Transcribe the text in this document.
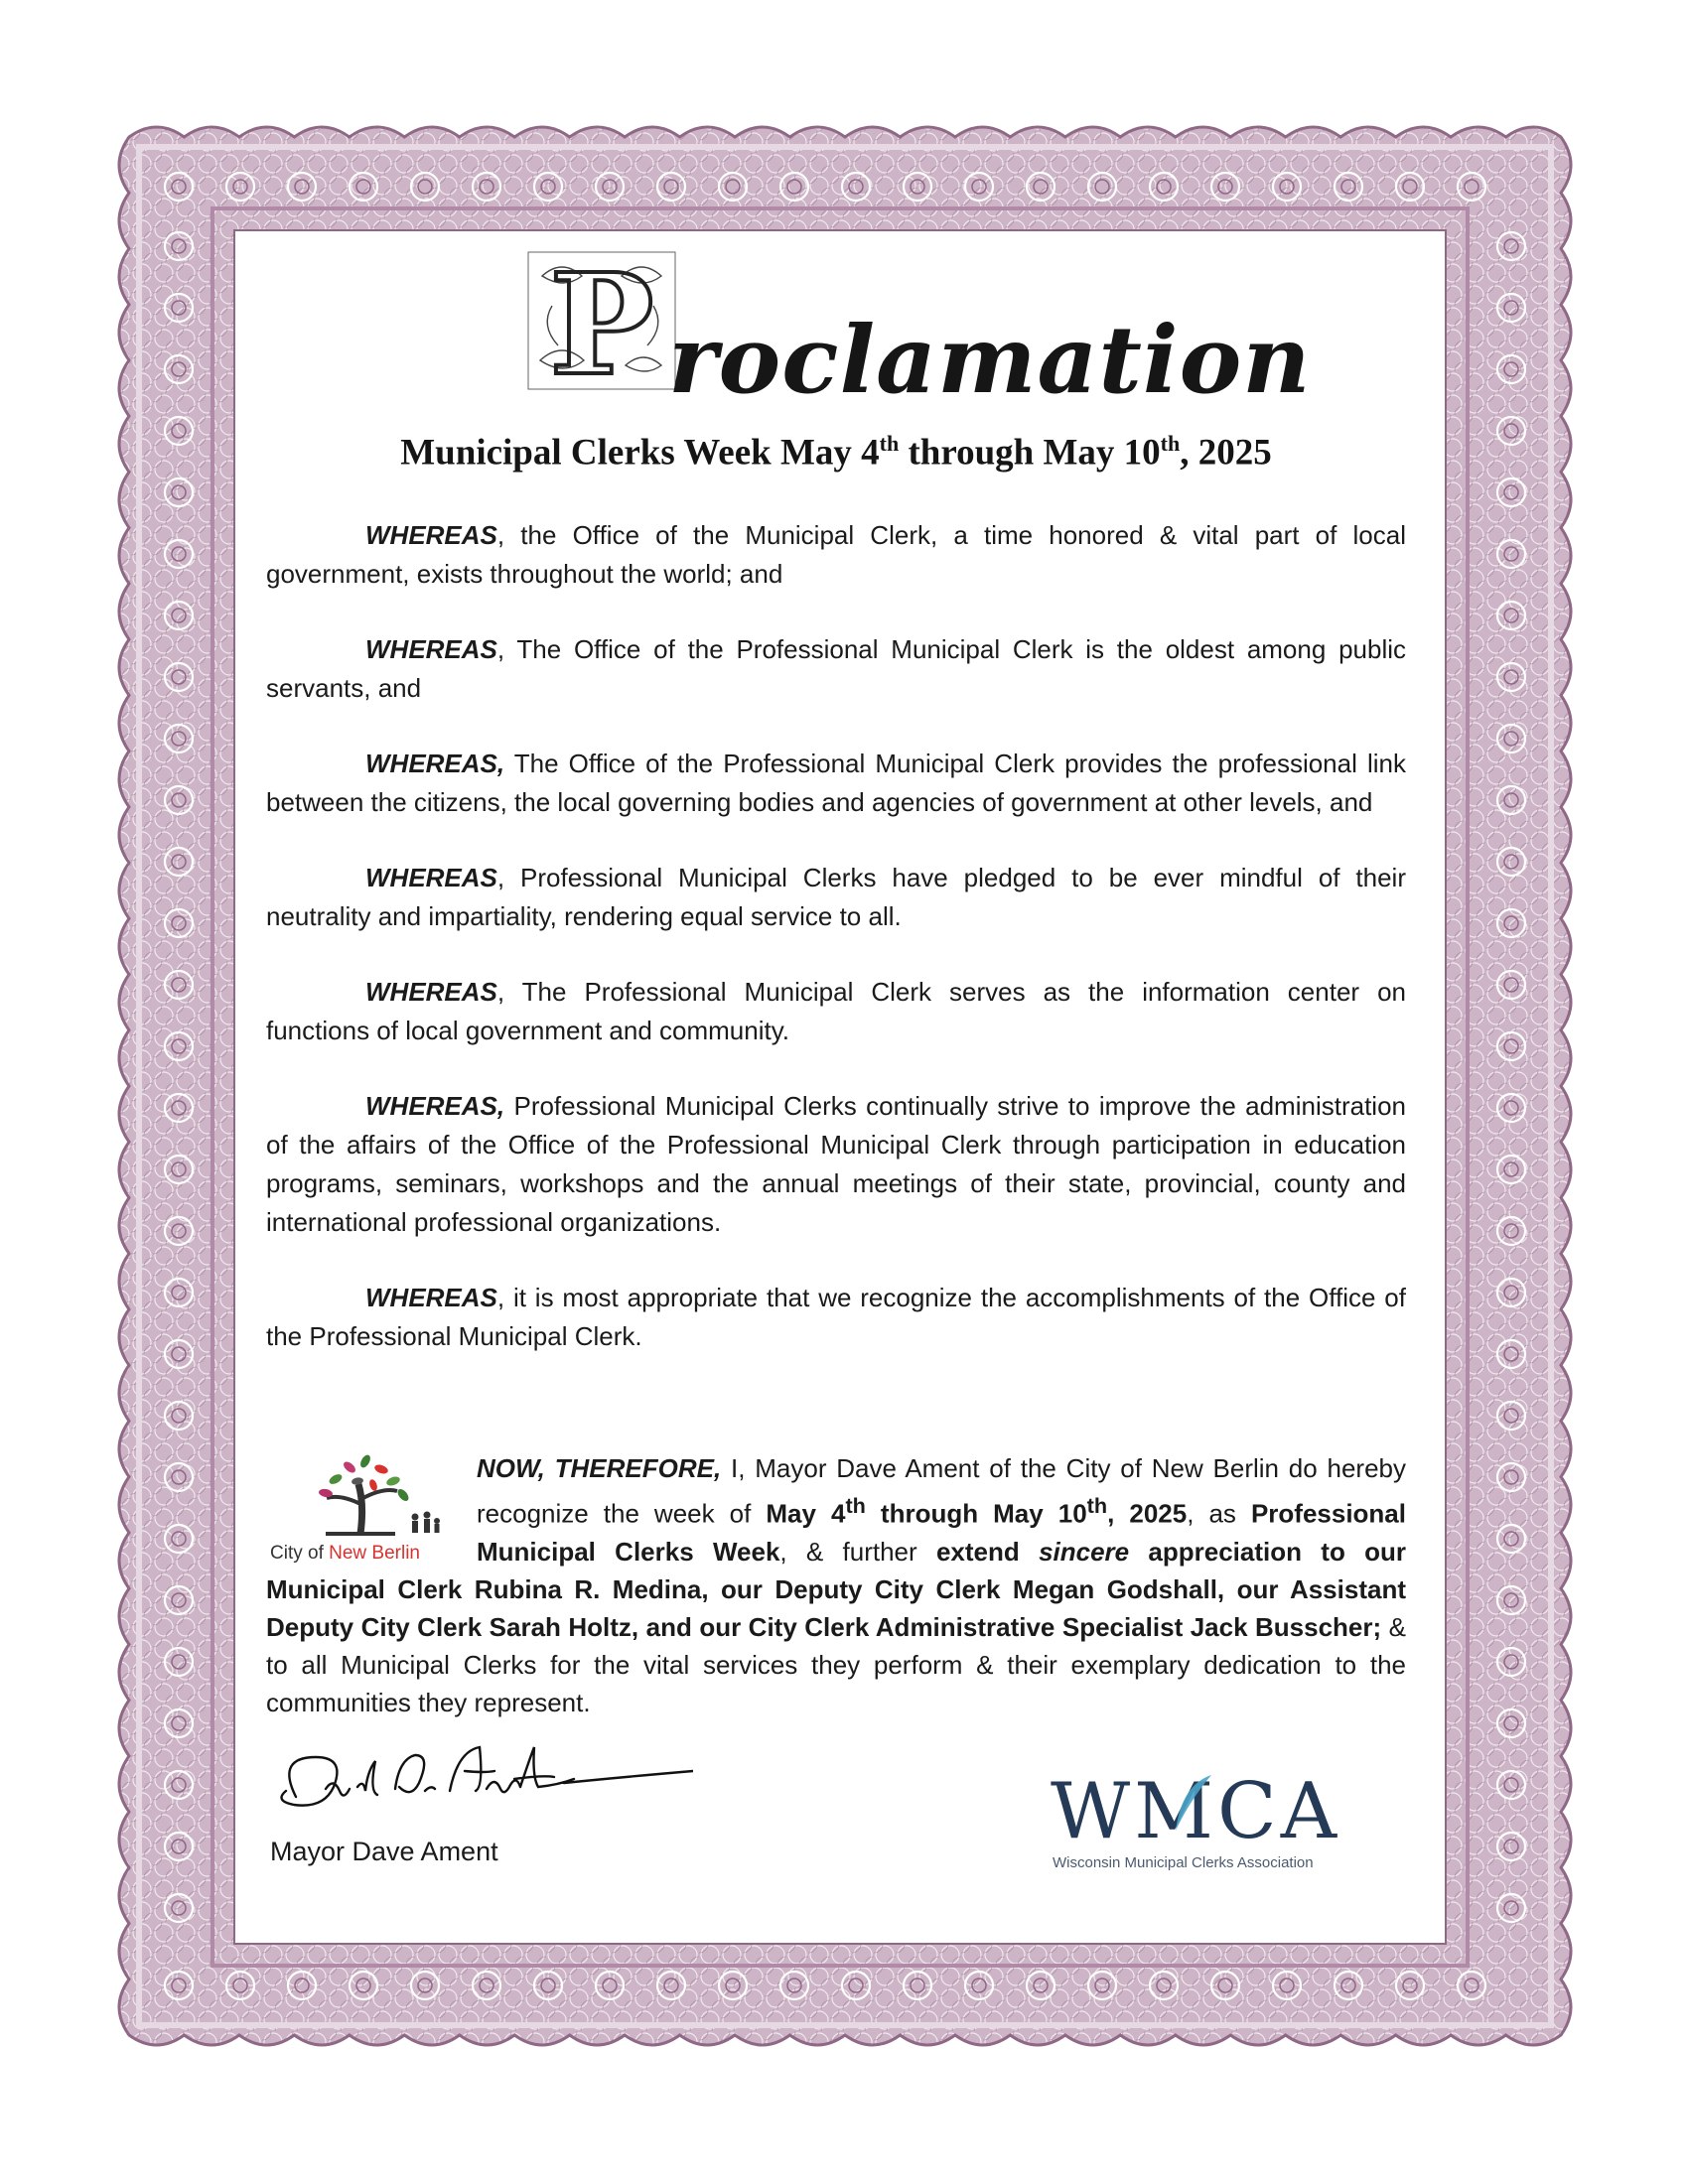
P roclamation
Municipal Clerks Week May 4th through May 10th, 2025

WHEREAS, the Office of the Municipal Clerk, a time honored & vital part of local government, exists throughout the world; and

WHEREAS, The Office of the Professional Municipal Clerk is the oldest among public servants, and

WHEREAS, The Office of the Professional Municipal Clerk provides the professional link between the citizens, the local governing bodies and agencies of government at other levels, and

WHEREAS, Professional Municipal Clerks have pledged to be ever mindful of their neutrality and impartiality, rendering equal service to all.

WHEREAS, The Professional Municipal Clerk serves as the information center on functions of local government and community.

WHEREAS, Professional Municipal Clerks continually strive to improve the administration of the affairs of the Office of the Professional Municipal Clerk through participation in education programs, seminars, workshops and the annual meetings of their state, provincial, county and international professional organizations.

WHEREAS, it is most appropriate that we recognize the accomplishments of the Office of the Professional Municipal Clerk.

City of New Berlin

NOW, THEREFORE, I, Mayor Dave Ament of the City of New Berlin do hereby recognize the week of May 4th through May 10th, 2025, as Professional Municipal Clerks Week, & further extend sincere appreciation to our Municipal Clerk Rubina R. Medina, our Deputy City Clerk Megan Godshall, our Assistant Deputy City Clerk Sarah Holtz, and our City Clerk Administrative Specialist Jack Busscher; & to all Municipal Clerks for the vital services they perform & their exemplary dedication to the communities they represent.

Mayor Dave Ament	WMCA
Wisconsin Municipal Clerks Association
